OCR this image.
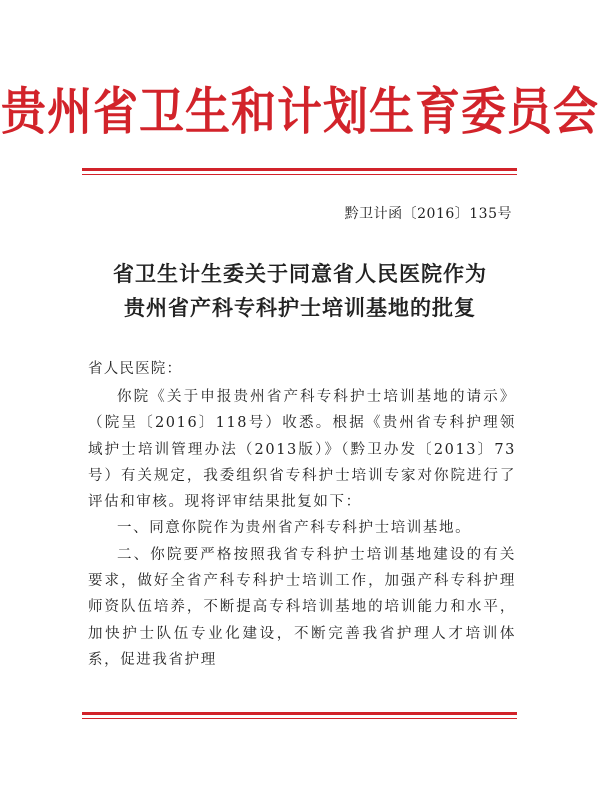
贵州省卫生和计划生育委员会
黔卫计函〔2016〕135号
省卫生计生委关于同意省人民医院作为
贵州省产科专科护士培训基地的批复
省人民医院：

你院《关于申报贵州省产科专科护士培训基地的请示》（院呈〔2016〕118号）收悉。根据《贵州省专科护理领域护士培训管理办法（2013版）》（黔卫办发〔2013〕73 号）有关规定，我委组织省专科护士培训专家对你院进行了评估和审核。现将评审结果批复如下：

一、同意你院作为贵州省产科专科护士培训基地。

二、你院要严格按照我省专科护士培训基地建设的有关要求，做好全省产科专科护士培训工作，加强产科专科护理师资队伍培养，不断提高专科培训基地的培训能力和水平，加快护士队伍专业化建设，不断完善我省护理人才培训体系，促进我省护理
